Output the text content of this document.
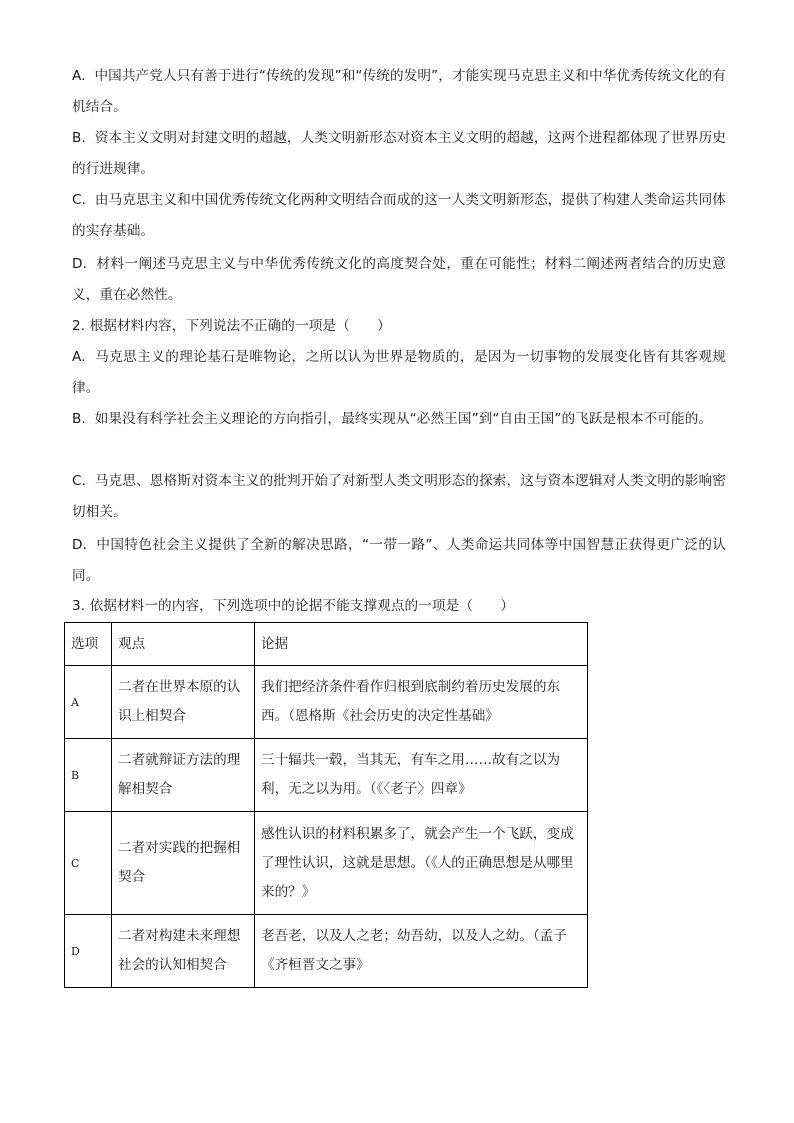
A. 中国共产党人只有善于进行“传统的发现”和“传统的发明”，才能实现马克思主义和中华优秀传统文化的有机结合。
B. 资本主义文明对封建文明的超越，人类文明新形态对资本主义文明的超越，这两个进程都体现了世界历史的行进规律。
C. 由马克思主义和中国优秀传统文化两种文明结合而成的这一人类文明新形态，提供了构建人类命运共同体的实存基础。
D. 材料一阐述马克思主义与中华优秀传统文化的高度契合处，重在可能性；材料二阐述两者结合的历史意义，重在必然性。
2. 根据材料内容，下列说法不正确的一项是（　　）
A. 马克思主义的理论基石是唯物论，之所以认为世界是物质的，是因为一切事物的发展变化皆有其客观规律。
B. 如果没有科学社会主义理论的方向指引，最终实现从“必然王国”到“自由王国”的飞跃是根本不可能的。
C. 马克思、恩格斯对资本主义的批判开始了对新型人类文明形态的探索，这与资本逻辑对人类文明的影响密切相关。
D. 中国特色社会主义提供了全新的解决思路，“一带一路”、人类命运共同体等中国智慧正获得更广泛的认同。
3. 依据材料一的内容，下列选项中的论据不能支撑观点的一项是（　　）
选项	观点	论据
A	二者在世界本原的认识上相契合	我们把经济条件看作归根到底制约着历史发展的东西。（恩格斯《社会历史的决定性基础》
B	二者就辩证方法的理解相契合	三十辐共一毂，当其无，有车之用……故有之以为利，无之以为用。（《〈老子〉四章》
C	二者对实践的把握相契合	感性认识的材料积累多了，就会产生一个飞跃，变成了理性认识，这就是思想。（《人的正确思想是从哪里来的？》
D	二者对构建未来理想社会的认知相契合	老吾老，以及人之老；幼吾幼，以及人之幼。（孟子《齐桓晋文之事》
